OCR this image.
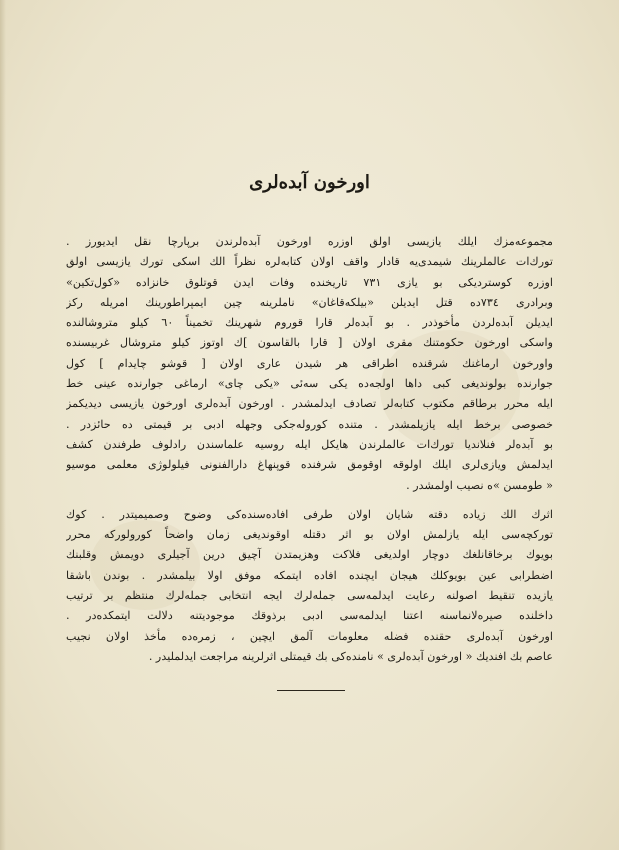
اورخون آبده‌لری
مجموعه‌مزك ايلك يازيسى اولق اوزره اورخون آبده‌لرندن برپارچا نقل ايديورز .
تورك‌ات عالملرينك شيمدى‌يه قادار واقف اولان كتابه‌لره نظراً الك اسكى تورك يازيسى اولق
اوزره كوسترديكى بو يازى ٧٣١ تاريخنده وفات ايدن قوتلوق خانزاده «كول‌تكين»
وبرادرى ٧٣٤ده قتل ايديلن «بيلكه‌قاغان» ناملرينه چين ايمپراطورينك امريله ركز
ايديلن آبده‌لردن مأخوذدر . بو آبده‌لر قارا قوروم شهرينك تخميناً ٦٠ كيلو متروشالنده
واسكى اورخون حكومتنك مقرى اولان [ قارا بالقاسون ]ك اوتوز كيلو متروشال غربيسنده
واورخون ارماغنك شرقنده اطراقى هر شيدن عارى اولان [ قوشو چايدام ] كول
جوارنده بولونديغى كبى داها اولجه‌ده يكى سه‌ئى «يكى چاى» ارماغى جوارنده عينى خط
ايله محرر برطاقم مكتوب كتابه‌لر تصادف ايدلمشدر . اورخون آبده‌لرى اورخون يازيسى ديديكمز
خصوصى برخط ايله يازيلمشدر . متنده كوروله‌جكى وجهله ادبى بر قيمتى ده حائزدر .
بو آبده‌لر فنلانديا تورك‌ات عالملرندن هايكل ايله روسيه علماسندن رادلوف طرفندن كشف
ايدلمش ويازى‌لرى ايلك اولوقه اوقومق شرفنده قوپنهاغ دارالفنونى فيلولوژى معلمى موسيو
« طومسن »ه نصيب اولمشدر .
اثرك الك زياده دقته شايان اولان طرفى افاده‌سنده‌كى وضوح وصميميتدر . كوك
توركچه‌سى ايله يازلمش اولان بو اثر دقتله اوقونديغى زمان واضحاً كورولوركه محرر
بويوك برخاقانلغك دوچار اولديغى فلاكت وهزيمتدن آچيق درين آجيلرى دويمش وقلبنك
اضطرابى عين بويوكلك هيجان ايچنده افاده ايتمكه موفق اولا بيلمشدر . بوندن باشقا
يازيده تنقيط اصولنه رعايت ايدلمه‌سى جمله‌لرك ايجه انتخابى جمله‌لرك منتظم بر ترتيب
داخلنده صيره‌لانماسنه اعتنا ايدلمه‌سى ادبى برذوقك موجوديتنه دلالت ايتمكده‌در .
اورخون آبده‌لرى حقنده فضله معلومات آلمق ايچين ، زمره‌ده مأخذ اولان نجيب
عاصم بك افنديك « اورخون آبده‌لرى » نامنده‌كى بك قيمتلى اثرلرينه مراجعت ايدلمليدر .
